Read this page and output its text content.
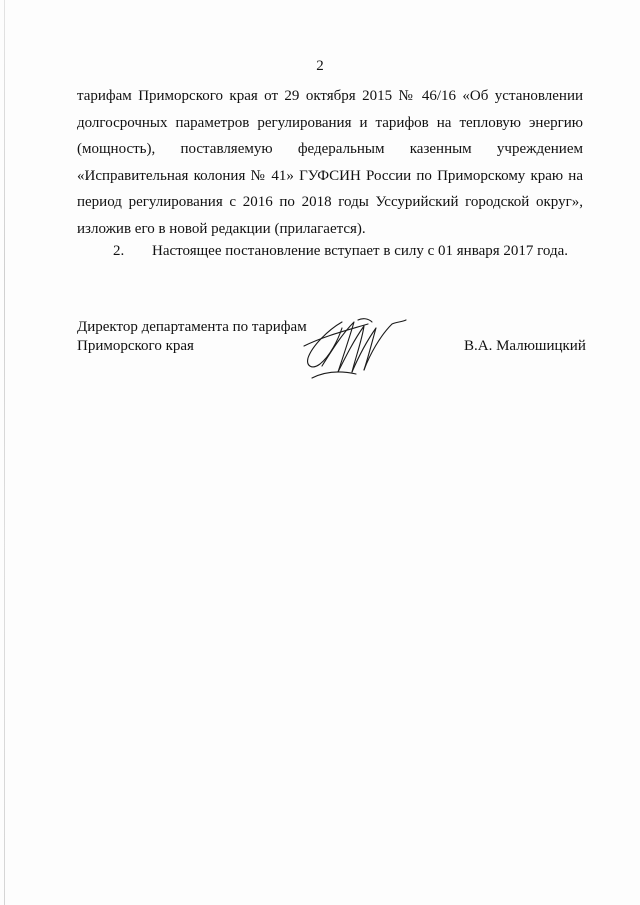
2
тарифам Приморского края от 29 октября 2015 № 46/16 «Об установлении
долгосрочных параметров регулирования и тарифов на тепловую энергию
(мощность), поставляемую федеральным казенным учреждением
«Исправительная колония № 41» ГУФСИН России по Приморскому краю на
период регулирования с 2016 по 2018 годы Уссурийский городской округ»,
изложив его в новой редакции (прилагается).
2. Настоящее постановление вступает в силу с 01 января 2017 года.
Директор департамента по тарифам
Приморского края	В.А. Малюшицкий
